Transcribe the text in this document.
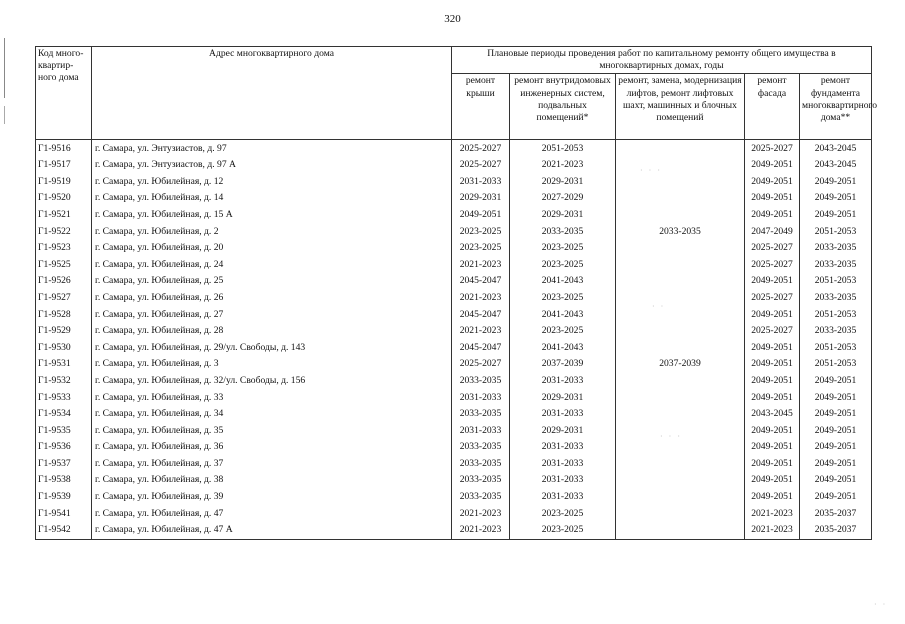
320
Код много-квартир-ного дома	Адрес многоквартирного дома	Плановые периоды проведения работ по капитальному ремонту общего имущества в многоквартирных домах, годы				
		ремонт крыши	ремонт внутридомовых инженерных систем, подвальных помещений*	ремонт, замена, модернизация лифтов, ремонт лифтовых шахт, машинных и блочных помещений	ремонт фасада	ремонт фундамента многоквартирного дома**
Г1-9516	г. Самара, ул. Энтузиастов, д. 97	2025-2027	2051-2053		2025-2027	2043-2045
Г1-9517	г. Самара, ул. Энтузиастов, д. 97 А	2025-2027	2021-2023		2049-2051	2043-2045
Г1-9519	г. Самара, ул. Юбилейная, д. 12	2031-2033	2029-2031		2049-2051	2049-2051
Г1-9520	г. Самара, ул. Юбилейная, д. 14	2029-2031	2027-2029		2049-2051	2049-2051
Г1-9521	г. Самара, ул. Юбилейная, д. 15 А	2049-2051	2029-2031		2049-2051	2049-2051
Г1-9522	г. Самара, ул. Юбилейная, д. 2	2023-2025	2033-2035	2033-2035	2047-2049	2051-2053
Г1-9523	г. Самара, ул. Юбилейная, д. 20	2023-2025	2023-2025		2025-2027	2033-2035
Г1-9525	г. Самара, ул. Юбилейная, д. 24	2021-2023	2023-2025		2025-2027	2033-2035
Г1-9526	г. Самара, ул. Юбилейная, д. 25	2045-2047	2041-2043		2049-2051	2051-2053
Г1-9527	г. Самара, ул. Юбилейная, д. 26	2021-2023	2023-2025		2025-2027	2033-2035
Г1-9528	г. Самара, ул. Юбилейная, д. 27	2045-2047	2041-2043		2049-2051	2051-2053
Г1-9529	г. Самара, ул. Юбилейная, д. 28	2021-2023	2023-2025		2025-2027	2033-2035
Г1-9530	г. Самара, ул. Юбилейная, д. 29/ул. Свободы, д. 143	2045-2047	2041-2043		2049-2051	2051-2053
Г1-9531	г. Самара, ул. Юбилейная, д. 3	2025-2027	2037-2039	2037-2039	2049-2051	2051-2053
Г1-9532	г. Самара, ул. Юбилейная, д. 32/ул. Свободы, д. 156	2033-2035	2031-2033		2049-2051	2049-2051
Г1-9533	г. Самара, ул. Юбилейная, д. 33	2031-2033	2029-2031		2049-2051	2049-2051
Г1-9534	г. Самара, ул. Юбилейная, д. 34	2033-2035	2031-2033		2043-2045	2049-2051
Г1-9535	г. Самара, ул. Юбилейная, д. 35	2031-2033	2029-2031		2049-2051	2049-2051
Г1-9536	г. Самара, ул. Юбилейная, д. 36	2033-2035	2031-2033		2049-2051	2049-2051
Г1-9537	г. Самара, ул. Юбилейная, д. 37	2033-2035	2031-2033		2049-2051	2049-2051
Г1-9538	г. Самара, ул. Юбилейная, д. 38	2033-2035	2031-2033		2049-2051	2049-2051
Г1-9539	г. Самара, ул. Юбилейная, д. 39	2033-2035	2031-2033		2049-2051	2049-2051
Г1-9541	г. Самара, ул. Юбилейная, д. 47	2021-2023	2023-2025		2021-2023	2035-2037
Г1-9542	г. Самара, ул. Юбилейная, д. 47 А	2021-2023	2023-2025		2021-2023	2035-2037
· · ·
· ·
· · ·
· ·
